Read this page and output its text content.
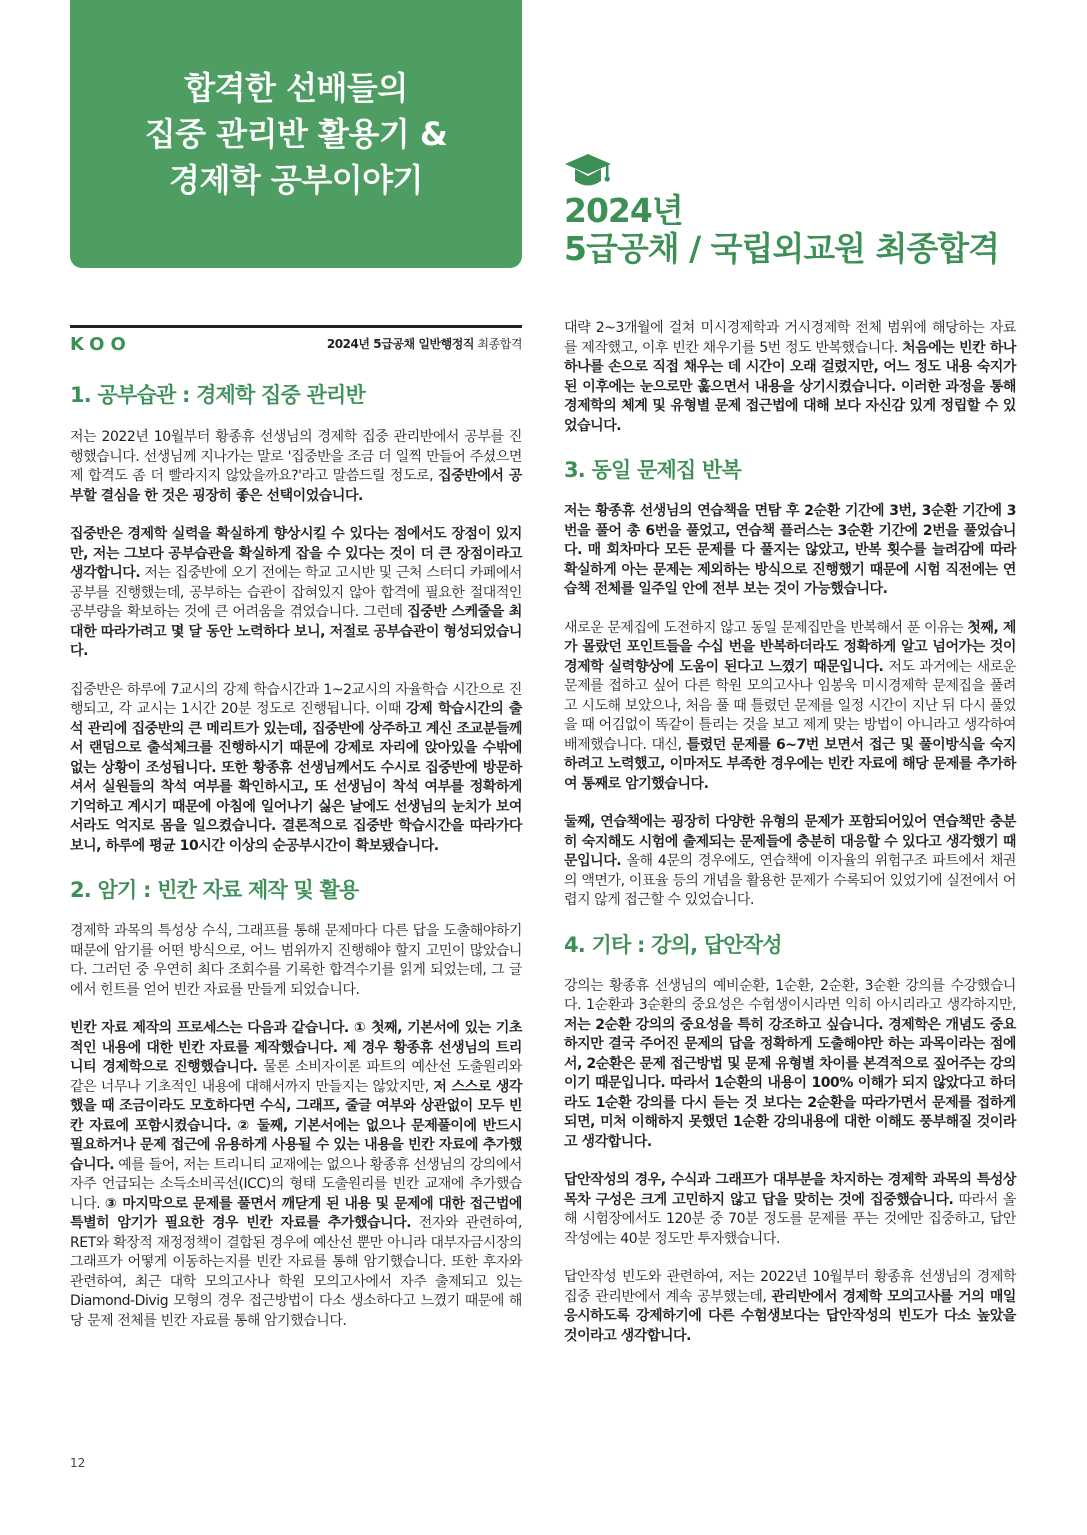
합격한 선배들의
집중 관리반 활용기 &
경제학 공부이야기
2024년
5급공채 / 국립외교원 최종합격
KOO	2024년 5급공채 일반행정직 최종합격
1. 공부습관 : 경제학 집중 관리반
저는 2022년 10월부터 황종휴 선생님의 경제학 집중 관리반에서 공부를 진행했습니다. 선생님께 지나가는 말로 '집중반을 조금 더 일찍 만들어 주셨으면 제 합격도 좀 더 빨라지지 않았을까요?'라고 말씀드릴 정도로, 집중반에서 공부할 결심을 한 것은 굉장히 좋은 선택이었습니다.
집중반은 경제학 실력을 확실하게 향상시킬 수 있다는 점에서도 장점이 있지만, 저는 그보다 공부습관을 확실하게 잡을 수 있다는 것이 더 큰 장점이라고 생각합니다. 저는 집중반에 오기 전에는 학교 고시반 및 근처 스터디 카페에서 공부를 진행했는데, 공부하는 습관이 잡혀있지 않아 합격에 필요한 절대적인 공부량을 확보하는 것에 큰 어려움을 겪었습니다. 그런데 집중반 스케줄을 최대한 따라가려고 몇 달 동안 노력하다 보니, 저절로 공부습관이 형성되었습니다.
집중반은 하루에 7교시의 강제 학습시간과 1~2교시의 자율학습 시간으로 진행되고, 각 교시는 1시간 20분 정도로 진행됩니다. 이때 강제 학습시간의 출석 관리에 집중반의 큰 메리트가 있는데, 집중반에 상주하고 계신 조교분들께서 랜덤으로 출석체크를 진행하시기 때문에 강제로 자리에 앉아있을 수밖에 없는 상황이 조성됩니다. 또한 황종휴 선생님께서도 수시로 집중반에 방문하셔서 실원들의 착석 여부를 확인하시고, 또 선생님이 착석 여부를 정확하게 기억하고 계시기 때문에 아침에 일어나기 싫은 날에도 선생님의 눈치가 보여서라도 억지로 몸을 일으켰습니다. 결론적으로 집중반 학습시간을 따라가다 보니, 하루에 평균 10시간 이상의 순공부시간이 확보됐습니다.
2. 암기 : 빈칸 자료 제작 및 활용
경제학 과목의 특성상 수식, 그래프를 통해 문제마다 다른 답을 도출해야하기 때문에 암기를 어떤 방식으로, 어느 범위까지 진행해야 할지 고민이 많았습니다. 그러던 중 우연히 최다 조회수를 기록한 합격수기를 읽게 되었는데, 그 글에서 힌트를 얻어 빈칸 자료를 만들게 되었습니다.
빈칸 자료 제작의 프로세스는 다음과 같습니다. ① 첫째, 기본서에 있는 기초적인 내용에 대한 빈칸 자료를 제작했습니다. 제 경우 황종휴 선생님의 트리니티 경제학으로 진행했습니다. 물론 소비자이론 파트의 예산선 도출원리와 같은 너무나 기초적인 내용에 대해서까지 만들지는 않았지만, 저 스스로 생각했을 때 조금이라도 모호하다면 수식, 그래프, 줄글 여부와 상관없이 모두 빈칸 자료에 포함시켰습니다. ② 둘째, 기본서에는 없으나 문제풀이에 반드시 필요하거나 문제 접근에 유용하게 사용될 수 있는 내용을 빈칸 자료에 추가했습니다. 예를 들어, 저는 트리니티 교재에는 없으나 황종휴 선생님의 강의에서 자주 언급되는 소득소비곡선(ICC)의 형태 도출원리를 빈칸 교재에 추가했습니다. ③ 마지막으로 문제를 풀면서 깨닫게 된 내용 및 문제에 대한 접근법에 특별히 암기가 필요한 경우 빈칸 자료를 추가했습니다. 전자와 관련하여, RET와 확장적 재정정책이 결합된 경우에 예산선 뿐만 아니라 대부자금시장의 그래프가 어떻게 이동하는지를 빈칸 자료를 통해 암기했습니다. 또한 후자와 관련하여, 최근 대학 모의고사나 학원 모의고사에서 자주 출제되고 있는 Diamond-Divig 모형의 경우 접근방법이 다소 생소하다고 느꼈기 때문에 해당 문제 전체를 빈칸 자료를 통해 암기했습니다.
대략 2~3개월에 걸쳐 미시경제학과 거시경제학 전체 범위에 해당하는 자료를 제작했고, 이후 빈칸 채우기를 5번 정도 반복했습니다. 처음에는 빈칸 하나하나를 손으로 직접 채우는 데 시간이 오래 걸렸지만, 어느 정도 내용 숙지가 된 이후에는 눈으로만 훑으면서 내용을 상기시켰습니다. 이러한 과정을 통해 경제학의 체계 및 유형별 문제 접근법에 대해 보다 자신감 있게 정립할 수 있었습니다.
3. 동일 문제집 반복
저는 황종휴 선생님의 연습책을 면탐 후 2순환 기간에 3번, 3순환 기간에 3번을 풀어 총 6번을 풀었고, 연습책 플러스는 3순환 기간에 2번을 풀었습니다. 매 회차마다 모든 문제를 다 풀지는 않았고, 반복 횟수를 늘려감에 따라 확실하게 아는 문제는 제외하는 방식으로 진행했기 때문에 시험 직전에는 연습책 전체를 일주일 안에 전부 보는 것이 가능했습니다.
새로운 문제집에 도전하지 않고 동일 문제집만을 반복해서 푼 이유는 첫째, 제가 몰랐던 포인트들을 수십 번을 반복하더라도 정확하게 알고 넘어가는 것이 경제학 실력향상에 도움이 된다고 느꼈기 때문입니다. 저도 과거에는 새로운 문제를 접하고 싶어 다른 학원 모의고사나 임봉욱 미시경제학 문제집을 풀려고 시도해 보았으나, 처음 풀 때 틀렸던 문제를 일정 시간이 지난 뒤 다시 풀었을 때 어김없이 똑같이 틀리는 것을 보고 제게 맞는 방법이 아니라고 생각하여 배제했습니다. 대신, 틀렸던 문제를 6~7번 보면서 접근 및 풀이방식을 숙지하려고 노력했고, 이마저도 부족한 경우에는 빈칸 자료에 해당 문제를 추가하여 통째로 암기했습니다.
둘째, 연습책에는 굉장히 다양한 유형의 문제가 포함되어있어 연습책만 충분히 숙지해도 시험에 출제되는 문제들에 충분히 대응할 수 있다고 생각했기 때문입니다. 올해 4문의 경우에도, 연습책에 이자율의 위험구조 파트에서 채권의 액면가, 이표율 등의 개념을 활용한 문제가 수록되어 있었기에 실전에서 어렵지 않게 접근할 수 있었습니다.
4. 기타 : 강의, 답안작성
강의는 황종휴 선생님의 예비순환, 1순환, 2순환, 3순환 강의를 수강했습니다. 1순환과 3순환의 중요성은 수험생이시라면 익히 아시리라고 생각하지만, 저는 2순환 강의의 중요성을 특히 강조하고 싶습니다. 경제학은 개념도 중요하지만 결국 주어진 문제의 답을 정확하게 도출해야만 하는 과목이라는 점에서, 2순환은 문제 접근방법 및 문제 유형별 차이를 본격적으로 짚어주는 강의이기 때문입니다. 따라서 1순환의 내용이 100% 이해가 되지 않았다고 하더라도 1순환 강의를 다시 듣는 것 보다는 2순환을 따라가면서 문제를 접하게 되면, 미처 이해하지 못했던 1순환 강의내용에 대한 이해도 풍부해질 것이라고 생각합니다.
답안작성의 경우, 수식과 그래프가 대부분을 차지하는 경제학 과목의 특성상 목차 구성은 크게 고민하지 않고 답을 맞히는 것에 집중했습니다. 따라서 올해 시험장에서도 120분 중 70분 정도를 문제를 푸는 것에만 집중하고, 답안작성에는 40분 정도만 투자했습니다.
답안작성 빈도와 관련하여, 저는 2022년 10월부터 황종휴 선생님의 경제학 집중 관리반에서 계속 공부했는데, 관리반에서 경제학 모의고사를 거의 매일 응시하도록 강제하기에 다른 수험생보다는 답안작성의 빈도가 다소 높았을 것이라고 생각합니다.
12
